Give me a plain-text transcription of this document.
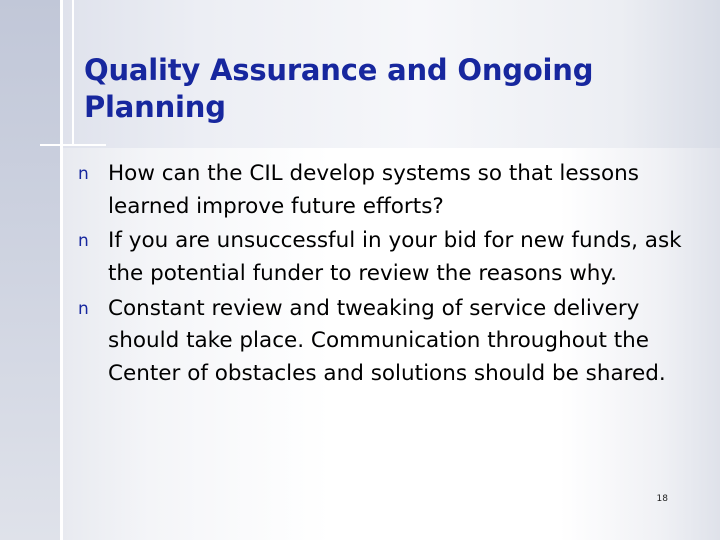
Quality Assurance and Ongoing Planning
n How can the CIL develop systems so that lessons learned improve future efforts?
n If you are unsuccessful in your bid for new funds, ask the potential funder to review the reasons why.
n Constant review and tweaking of service delivery should take place. Communication throughout the Center of obstacles and solutions should be shared.
18
